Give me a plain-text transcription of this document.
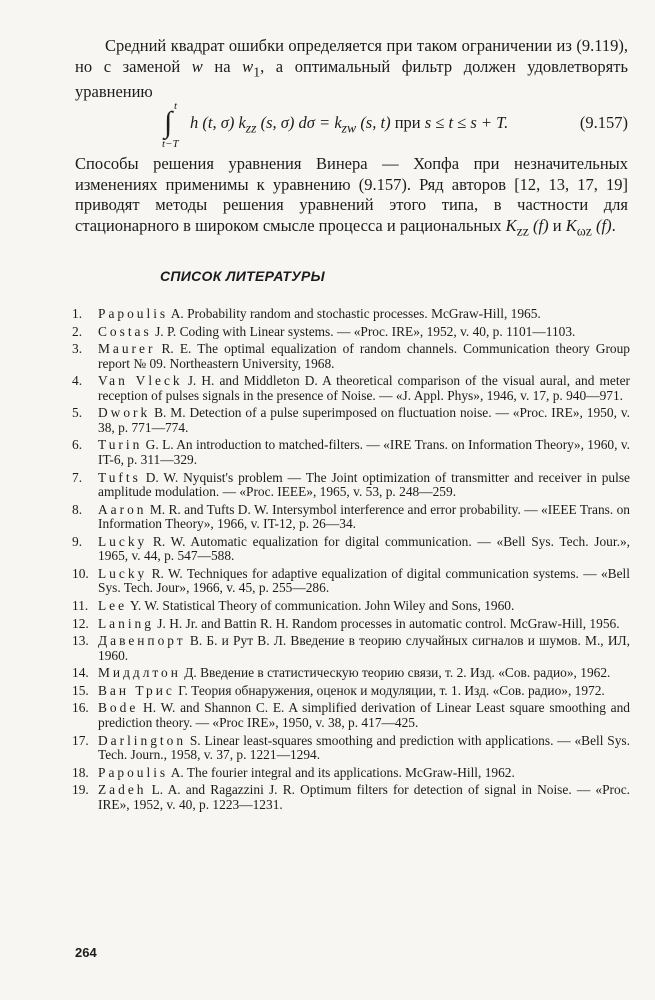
Средний квадрат ошибки определяется при таком ограничении из (9.119), но с заменой w на $w_1$, а оптимальный фильтр должен удовлетворять уравнению
t
∫
t−T
h (t, σ) $k_{zz}$ (s, σ) $d\sigma = k_{zw}$ (s, t) при s ≤ t ≤ s + T.	(9.157)
Способы решения уравнения Винера — Хопфа при незначительных изменениях применимы к уравнению (9.157). Ряд авторов [12, 13, 17, 19] приводят методы решения уравнений этого типа, в частности для стационарного в широком смысле процесса и рациональных $K_{zz}$ (f) и $K_{\omega z}$ (f).
СПИСОК ЛИТЕРАТУРЫ
1.	Papoulis A. Probability random and stochastic processes. McGraw-Hill, 1965.
2.	Costas J. P. Coding with Linear systems. — «Proc. IRE», 1952, v. 40, p. 1101—1103.
3.	Maurer R. E. The optimal equalization of random channels. Communication theory Group report № 09. Northeastern University, 1968.
4.	Van Vleck J. H. and Middleton D. A theoretical comparison of the visual aural, and meter reception of pulses signals in the presence of Noise. — «J. Appl. Phys», 1946, v. 17, p. 940—971.
5.	Dwork B. M. Detection of a pulse superimposed on fluctuation noise. — «Proc. IRE», 1950, v. 38, p. 771—774.
6.	Turin G. L. An introduction to matched-filters. — «IRE Trans. on Information Theory», 1960, v. IT-6, p. 311—329.
7.	Tufts D. W. Nyquist's problem — The Joint optimization of transmitter and receiver in pulse amplitude modulation. — «Proc. IEEE», 1965, v. 53, p. 248—259.
8.	Aaron M. R. and Tufts D. W. Intersymbol interference and error probability. — «IEEE Trans. on Information Theory», 1966, v. IT-12, p. 26—34.
9.	Lucky R. W. Automatic equalization for digital communication. — «Bell Sys. Tech. Jour.», 1965, v. 44, p. 547—588.
10. Lucky R. W. Techniques for adaptive equalization of digital communication systems. — «Bell Sys. Tech. Jour», 1966, v. 45, p. 255—286.
11. Lee Y. W. Statistical Theory of communication. John Wiley and Sons, 1960.
12. Laning J. H. Jr. and Battin R. H. Random processes in automatic control. McGraw-Hill, 1956.
13. Давенпорт В. Б. и Рут В. Л. Введение в теорию случайных сигналов и шумов. М., ИЛ, 1960.
14. Миддлтон Д. Введение в статистическую теорию связи, т. 2. Изд. «Сов. радио», 1962.
15. Ван Трис Г. Теория обнаружения, оценок и модуляции, т. 1. Изд. «Сов. радио», 1972.
16. Bode H. W. and Shannon C. E. A simplified derivation of Linear Least square smoothing and prediction theory. — «Proc IRE», 1950, v. 38, p. 417—425.
17. Darlington S. Linear least-squares smoothing and prediction with applications. — «Bell Sys. Tech. Journ., 1958, v. 37, p. 1221—1294.
18. Papoulis A. The fourier integral and its applications. McGraw-Hill, 1962.
19. Zadeh L. A. and Ragazzini J. R. Optimum filters for detection of signal in Noise. — «Proc. IRE», 1952, v. 40, p. 1223—1231.
264
